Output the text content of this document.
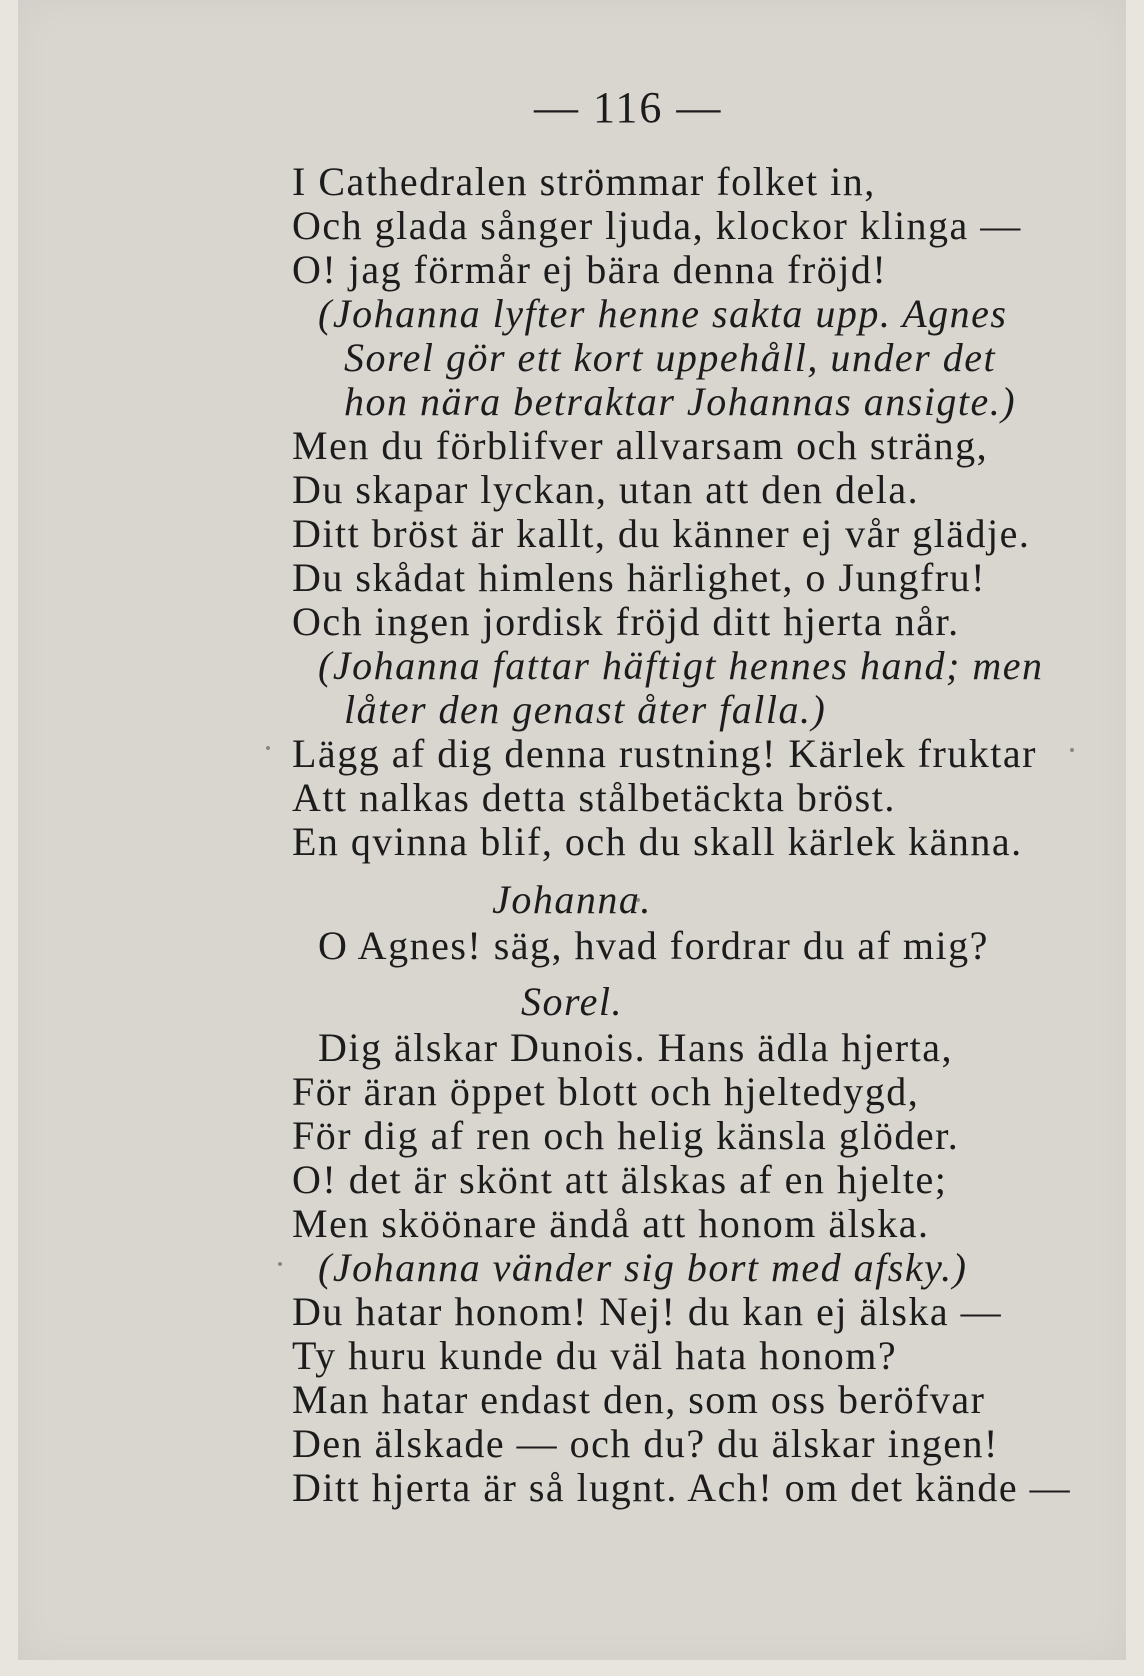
— 116 —
I Cathedralen strömmar folket in,
Och glada sånger ljuda, klockor klinga —
O! jag förmår ej bära denna fröjd!
(Johanna lyfter henne sakta upp. Agnes
Sorel gör ett kort uppehåll, under det
hon nära betraktar Johannas ansigte.)
Men du förblifver allvarsam och sträng,
Du skapar lyckan, utan att den dela.
Ditt bröst är kallt, du känner ej vår glädje.
Du skådat himlens härlighet, o Jungfru!
Och ingen jordisk fröjd ditt hjerta når.
(Johanna fattar häftigt hennes hand; men
låter den genast åter falla.)
Lägg af dig denna rustning! Kärlek fruktar
Att nalkas detta stålbetäckta bröst.
En qvinna blif, och du skall kärlek känna.
Johanna.
O Agnes! säg, hvad fordrar du af mig?
Sorel.
Dig älskar Dunois. Hans ädla hjerta,
För äran öppet blott och hjeltedygd,
För dig af ren och helig känsla glöder.
O! det är skönt att älskas af en hjelte;
Men sköönare ändå att honom älska.
(Johanna vänder sig bort med afsky.)
Du hatar honom! Nej! du kan ej älska —
Ty huru kunde du väl hata honom?
Man hatar endast den, som oss beröfvar
Den älskade — och du? du älskar ingen!
Ditt hjerta är så lugnt. Ach! om det kände —
